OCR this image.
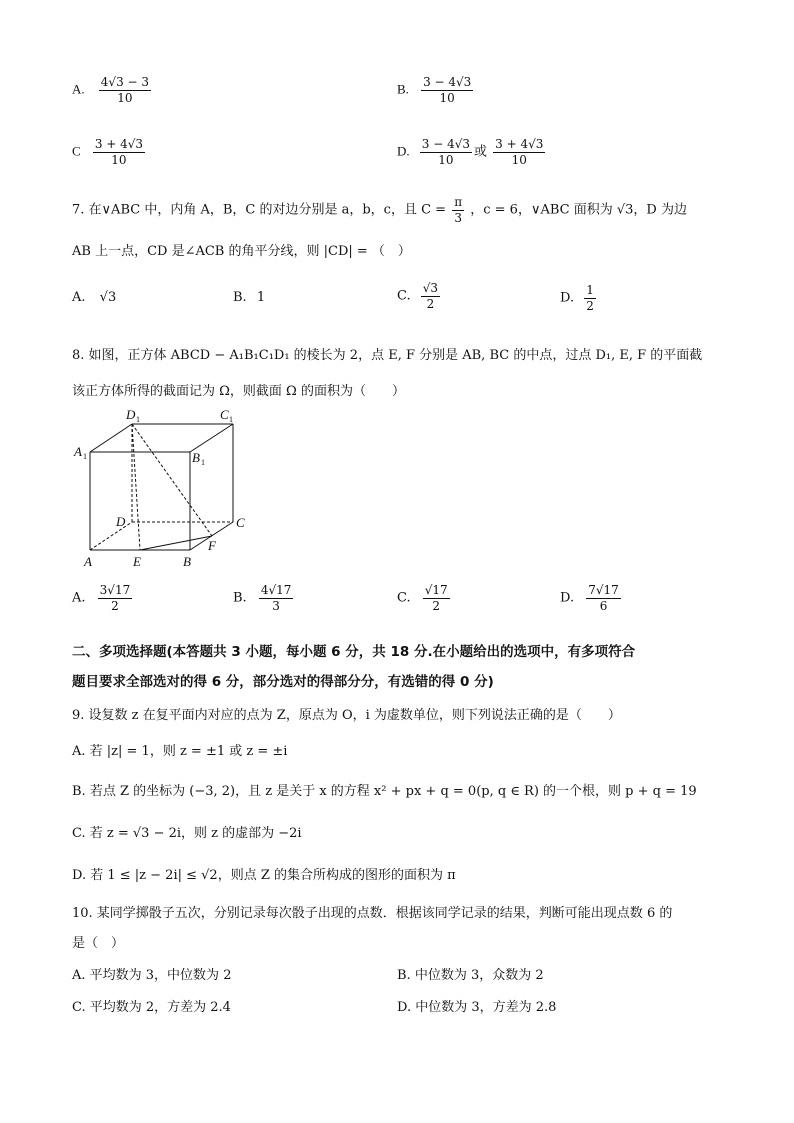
A. $\frac{4√3 - 3}{10}$	B. $\frac{3 - 4√3}{10}$
C $\frac{3 + 4√3}{10}$	D. $\frac{3 - 4√3}{10}$ 或 $\frac{3 + 4√3}{10}$
7. 在∨ABC 中，内角 A，B，C 的对边分别是 a，b，c，且 $C = \frac{\pi}{3}$ ，c = 6，∨ABC 面积为 √3，D 为边
AB 上一点，CD 是∠ACB 的角平分线，则 |CD| = （　）
A. √3	B. 1	C. $\frac{√3}{2}$	D. $\frac{1}{2}$
8. 如图，正方体 ABCD − A₁B₁C₁D₁ 的棱长为 2，点 E, F 分别是 AB, BC 的中点，过点 D₁, E, F 的平面截
该正方体所得的截面记为 Ω，则截面 Ω 的面积为（　　）
D 1	C 1
A 1	B 1
D	C
F
A	E	B
A. $\frac{3√17}{2}$	B. $\frac{4√17}{3}$	C. $\frac{√17}{2}$	D. $\frac{7√17}{6}$
二、多项选择题(本答题共 3 小题，每小题 6 分，共 18 分.在小题给出的选项中，有多项符合
题目要求全部选对的得 6 分，部分选对的得部分分，有选错的得 0 分)
9. 设复数 z 在复平面内对应的点为 Z，原点为 O，i 为虚数单位，则下列说法正确的是（　　）
A. 若 |z| = 1，则 z = ±1 或 z = ±i
B. 若点 Z 的坐标为 (−3, 2)，且 z 是关于 x 的方程 x² + px + q = 0(p, q ∈ R) 的一个根，则 p + q = 19
C. 若 z = √3 − 2i，则 z 的虚部为 −2i
D. 若 1 ≤ |z − 2i| ≤ √2，则点 Z 的集合所构成的图形的面积为 π
10. 某同学掷骰子五次，分别记录每次骰子出现的点数．根据该同学记录的结果，判断可能出现点数 6 的
是（　）
A. 平均数为 3，中位数为 2	B. 中位数为 3，众数为 2
C. 平均数为 2，方差为 2.4	D. 中位数为 3，方差为 2.8
